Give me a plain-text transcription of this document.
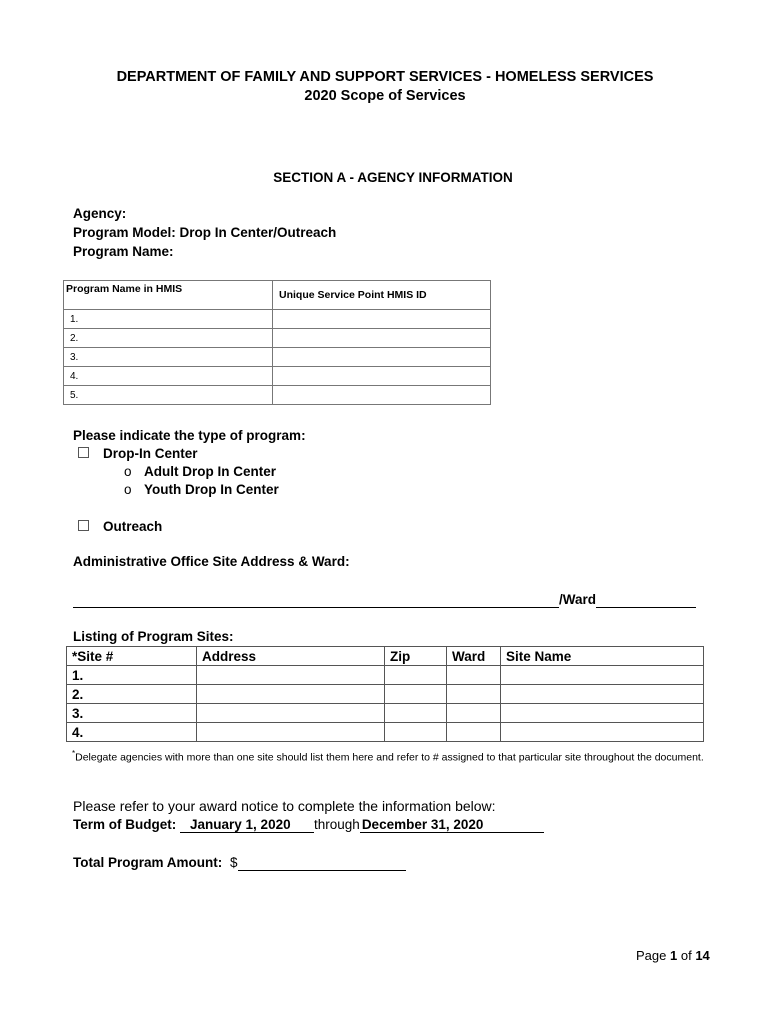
DEPARTMENT OF FAMILY AND SUPPORT SERVICES - HOMELESS SERVICES
2020 Scope of Services
SECTION A - AGENCY INFORMATION
Agency:
Program Model: Drop In Center/Outreach
Program Name:
Program Name in HMIS	Unique Service Point HMIS ID
1.	
2.	
3.	
4.	
5.	
Please indicate the type of program:
Drop-In Center
o Adult Drop In Center
o Youth Drop In Center
Outreach
Administrative Office Site Address & Ward:
/Ward
Listing of Program Sites:
*Site #	Address	Zip	Ward	Site Name
1.				
2.				
3.				
4.				
*Delegate agencies with more than one site should list them here and refer to # assigned to that particular site throughout the document.
Please refer to your award notice to complete the information below:
Term of Budget: January 1, 2020 through December 31, 2020
Total Program Amount: $
Page 1 of 14
